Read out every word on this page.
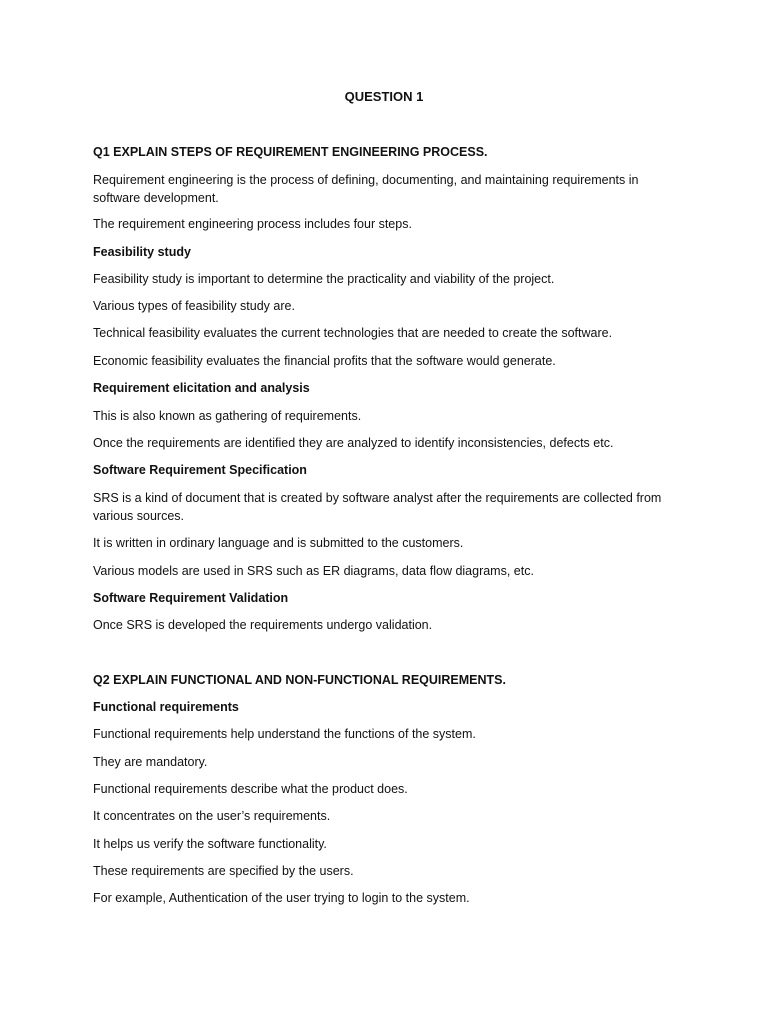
QUESTION 1
Q1 EXPLAIN STEPS OF REQUIREMENT ENGINEERING PROCESS.
Requirement engineering is the process of defining, documenting, and maintaining requirements in software development.
The requirement engineering process includes four steps.
Feasibility study
Feasibility study is important to determine the practicality and viability of the project.
Various types of feasibility study are.
Technical feasibility evaluates the current technologies that are needed to create the software.
Economic feasibility evaluates the financial profits that the software would generate.
Requirement elicitation and analysis
This is also known as gathering of requirements.
Once the requirements are identified they are analyzed to identify inconsistencies, defects etc.
Software Requirement Specification
SRS is a kind of document that is created by software analyst after the requirements are collected from various sources.
It is written in ordinary language and is submitted to the customers.
Various models are used in SRS such as ER diagrams, data flow diagrams, etc.
Software Requirement Validation
Once SRS is developed the requirements undergo validation.
Q2 EXPLAIN FUNCTIONAL AND NON-FUNCTIONAL REQUIREMENTS.
Functional requirements
Functional requirements help understand the functions of the system.
They are mandatory.
Functional requirements describe what the product does.
It concentrates on the user’s requirements.
It helps us verify the software functionality.
These requirements are specified by the users.
For example, Authentication of the user trying to login to the system.
